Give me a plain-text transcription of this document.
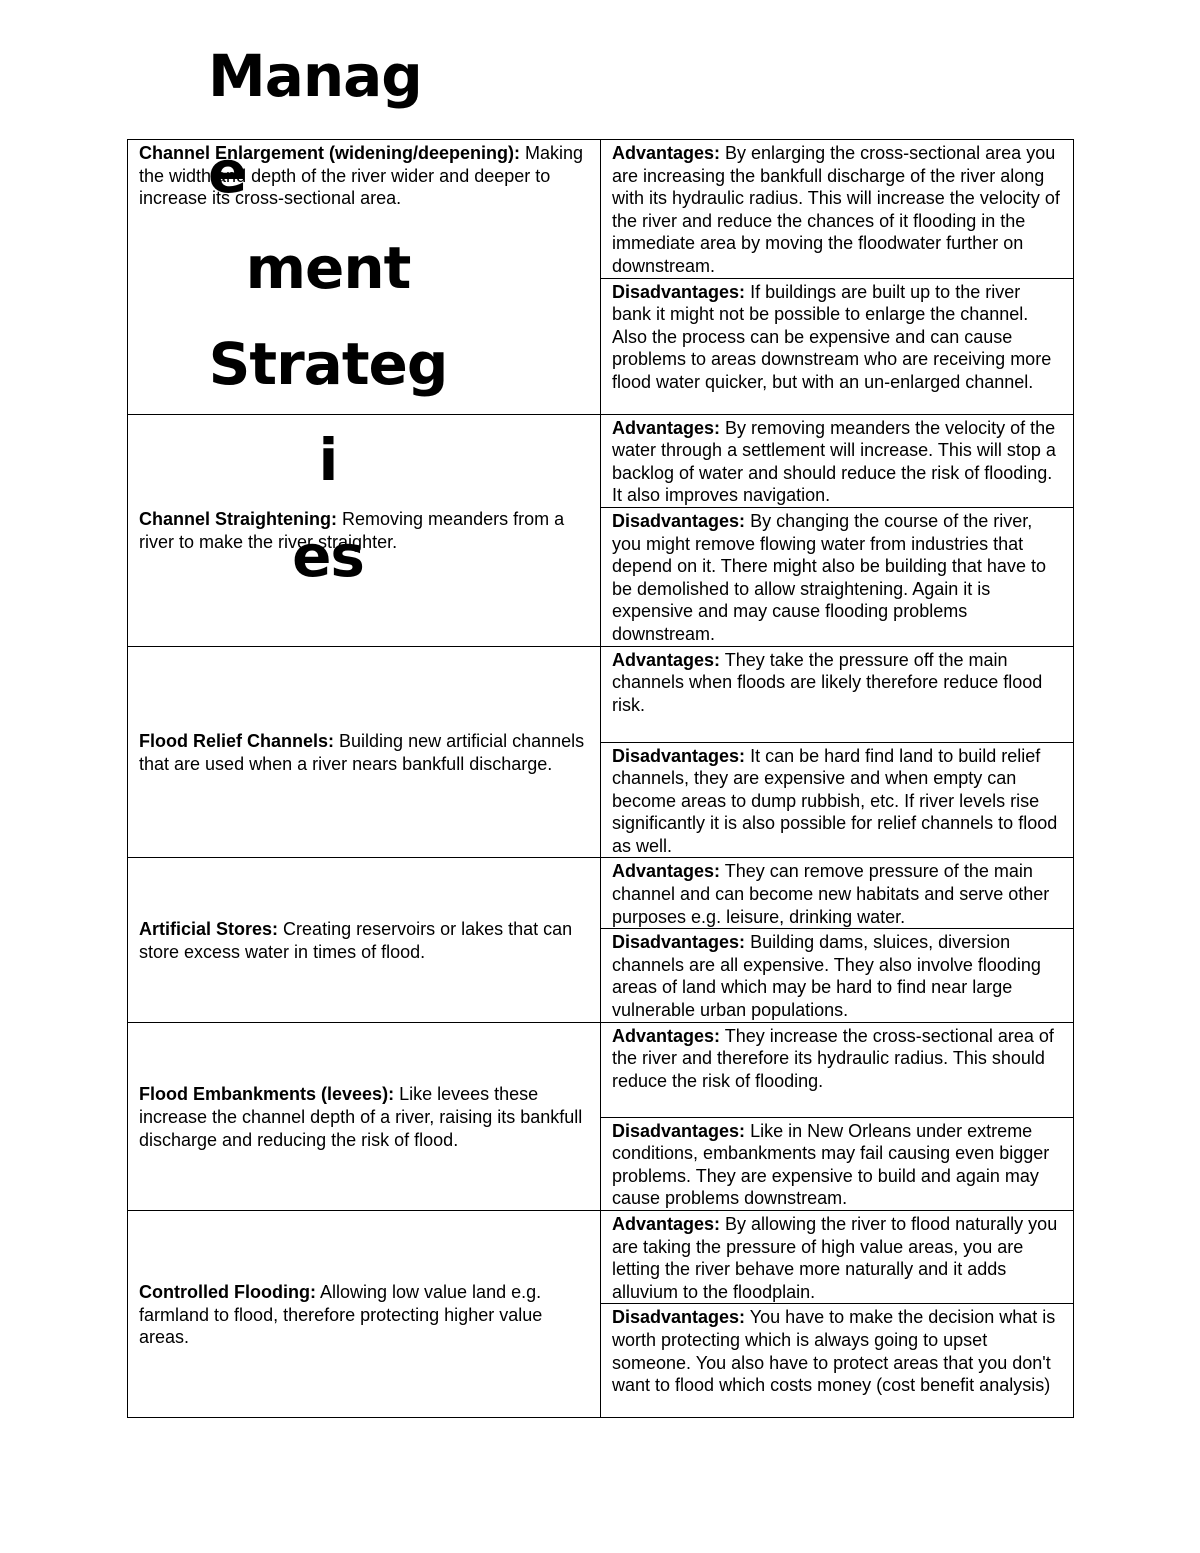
Manage
ment
Strategi
es
Channel Enlargement (widening/deepening): Making the width and depth of the river wider and deeper to increase its cross-sectional area.	Advantages: By enlarging the cross-sectional area you are increasing the bankfull discharge of the river along with its hydraulic radius. This will increase the velocity of the river and reduce the chances of it flooding in the immediate area by moving the floodwater further on downstream.
	Disadvantages: If buildings are built up to the river bank it might not be possible to enlarge the channel. Also the process can be expensive and can cause problems to areas downstream who are receiving more flood water quicker, but with an un-enlarged channel.
Channel Straightening: Removing meanders from a river to make the river straighter.	Advantages: By removing meanders the velocity of the water through a settlement will increase. This will stop a backlog of water and should reduce the risk of flooding. It also improves navigation.
	Disadvantages: By changing the course of the river, you might remove flowing water from industries that depend on it. There might also be building that have to be demolished to allow straightening. Again it is expensive and may cause flooding problems downstream.
Flood Relief Channels: Building new artificial channels that are used when a river nears bankfull discharge.	Advantages: They take the pressure off the main channels when floods are likely therefore reduce flood risk.
	Disadvantages: It can be hard find land to build relief channels, they are expensive and when empty can become areas to dump rubbish, etc. If river levels rise significantly it is also possible for relief channels to flood as well.
Artificial Stores: Creating reservoirs or lakes that can store excess water in times of flood.	Advantages: They can remove pressure of the main channel and can become new habitats and serve other purposes e.g. leisure, drinking water.
	Disadvantages: Building dams, sluices, diversion channels are all expensive. They also involve flooding areas of land which may be hard to find near large vulnerable urban populations.
Flood Embankments (levees): Like levees these increase the channel depth of a river, raising its bankfull discharge and reducing the risk of flood.	Advantages: They increase the cross-sectional area of the river and therefore its hydraulic radius. This should reduce the risk of flooding.
	Disadvantages: Like in New Orleans under extreme conditions, embankments may fail causing even bigger problems. They are expensive to build and again may cause problems downstream.
Controlled Flooding: Allowing low value land e.g. farmland to flood, therefore protecting higher value areas.	Advantages: By allowing the river to flood naturally you are taking the pressure of high value areas, you are letting the river behave more naturally and it adds alluvium to the floodplain.
	Disadvantages: You have to make the decision what is worth protecting which is always going to upset someone. You also have to protect areas that you don't want to flood which costs money (cost benefit analysis)
